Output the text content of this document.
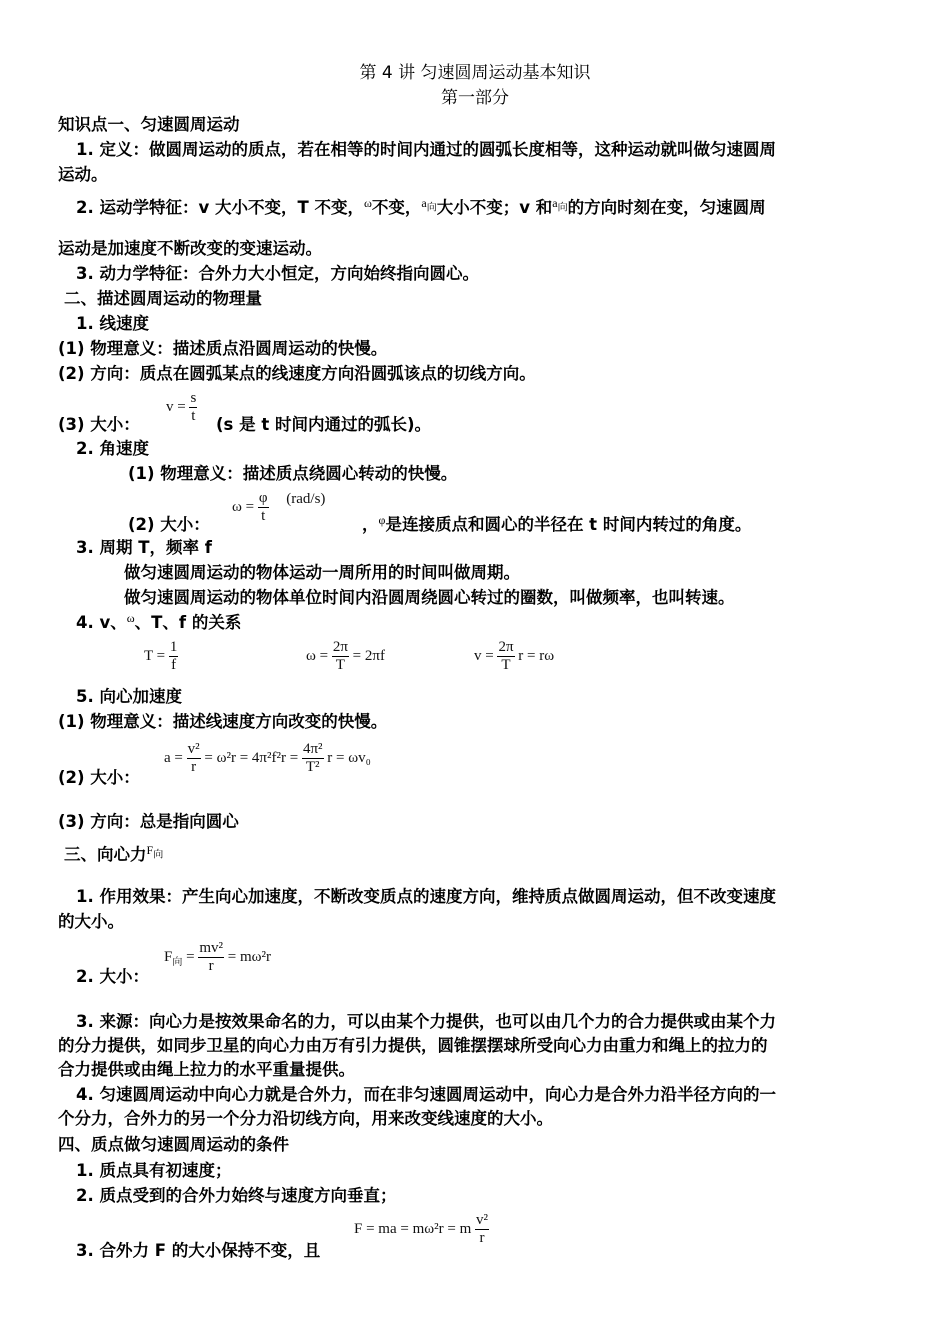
第 4 讲 匀速圆周运动基本知识
第一部分
知识点一、匀速圆周运动
1. 定义：做圆周运动的质点，若在相等的时间内通过的圆弧长度相等，这种运动就叫做匀速圆周
运动。
2. 运动学特征：v 大小不变，T 不变，$^\omega$不变，$^{a_向}$大小不变；v 和$^{a_向}$的方向时刻在变，匀速圆周
运动是加速度不断改变的变速运动。
3. 动力学特征：合外力大小恒定，方向始终指向圆心。
二、描述圆周运动的物理量
1. 线速度
(1) 物理意义：描述质点沿圆周运动的快慢。
(2) 方向：质点在圆弧某点的线速度方向沿圆弧该点的切线方向。
(3) 大小：
$v = \frac{s}{t} (s$ 是 t 时间内通过的弧长)。
2. 角速度
(1) 物理意义：描述质点绕圆心转动的快慢。
(2) 大小：
$\omega = \frac{\varphi}{t} (rad/s)$
，$^\varphi$是连接质点和圆心的半径在 t 时间内转过的角度。
3. 周期 T，频率 f
做匀速圆周运动的物体运动一周所用的时间叫做周期。
做匀速圆周运动的物体单位时间内沿圆周绕圆心转过的圈数，叫做频率，也叫转速。
4. v、$^\omega$、T、f 的关系
$T = \frac{1}{f}$	$\omega = \frac{2\pi}{T} = 2\pi f$	$v = \frac{2\pi}{T}$ r = rω
5. 向心加速度
(1) 物理意义：描述线速度方向改变的快慢。
(2) 大小：
$a = \frac{\text{v²}}{r} = \omega^2r = 4\pi^2f^2r = \frac{\text{4π²}}{\text{T²}}$ r = ωv₀
(3) 方向：总是指向圆心
三、向心力$^{F_向}$
1. 作用效果：产生向心加速度，不断改变质点的速度方向，维持质点做圆周运动，但不改变速度
的大小。
2. 大小：
$F_向 = \frac{\text{mv²}}{r} = m\omega^2r$
3. 来源：向心力是按效果命名的力，可以由某个力提供，也可以由几个力的合力提供或由某个力
的分力提供，如同步卫星的向心力由万有引力提供，圆锥摆摆球所受向心力由重力和绳上的拉力的
合力提供或由绳上拉力的水平重量提供。
4. 匀速圆周运动中向心力就是合外力，而在非匀速圆周运动中，向心力是合外力沿半径方向的一
个分力，合外力的另一个分力沿切线方向，用来改变线速度的大小。
四、质点做匀速圆周运动的条件
1. 质点具有初速度；
2. 质点受到的合外力始终与速度方向垂直；
3. 合外力 F 的大小保持不变，且
F = ma = mω²r = m $\frac{\text{v²}}{r}$
